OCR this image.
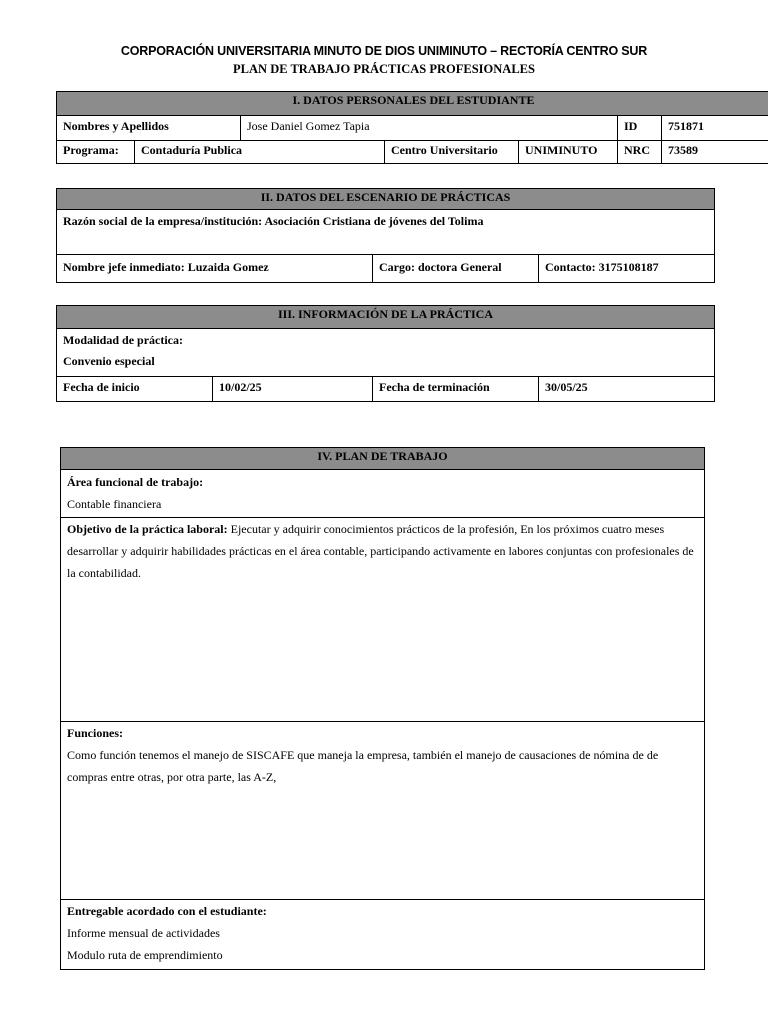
CORPORACIÓN UNIVERSITARIA MINUTO DE DIOS UNIMINUTO – RECTORÍA CENTRO SUR
PLAN DE TRABAJO PRÁCTICAS PROFESIONALES
I. DATOS PERSONALES DEL ESTUDIANTE						
Nombres y Apellidos		Jose Daniel Gomez Tapia			ID	751871
Programa:	Contaduría Publica		Centro Universitario	UNIMINUTO	NRC	73589
II. DATOS DEL ESCENARIO DE PRÁCTICAS
Razón social de la empresa/institución: Asociación Cristiana de jóvenes del Tolima
Nombre jefe inmediato: Luzaida Gomez	Cargo: doctora General	Contacto: 3175108187
III. INFORMACIÓN DE LA PRÁCTICA

Modalidad de práctica:
Convenio especial

Fecha de inicio	10/02/25	Fecha de terminación	30/05/25
IV. PLAN DE TRABAJO

Área funcional de trabajo:
Contable financiera

Objetivo de la práctica laboral: Ejecutar y adquirir conocimientos prácticos de la profesión, En los próximos cuatro meses desarrollar y adquirir habilidades prácticas en el área contable, participando activamente en labores conjuntas con profesionales de la contabilidad.

Funciones:
Como función tenemos el manejo de SISCAFE que maneja la empresa, también el manejo de causaciones de nómina de de compras entre otras, por otra parte, las A-Z,

Entregable acordado con el estudiante:
Informe mensual de actividades
Modulo ruta de emprendimiento
